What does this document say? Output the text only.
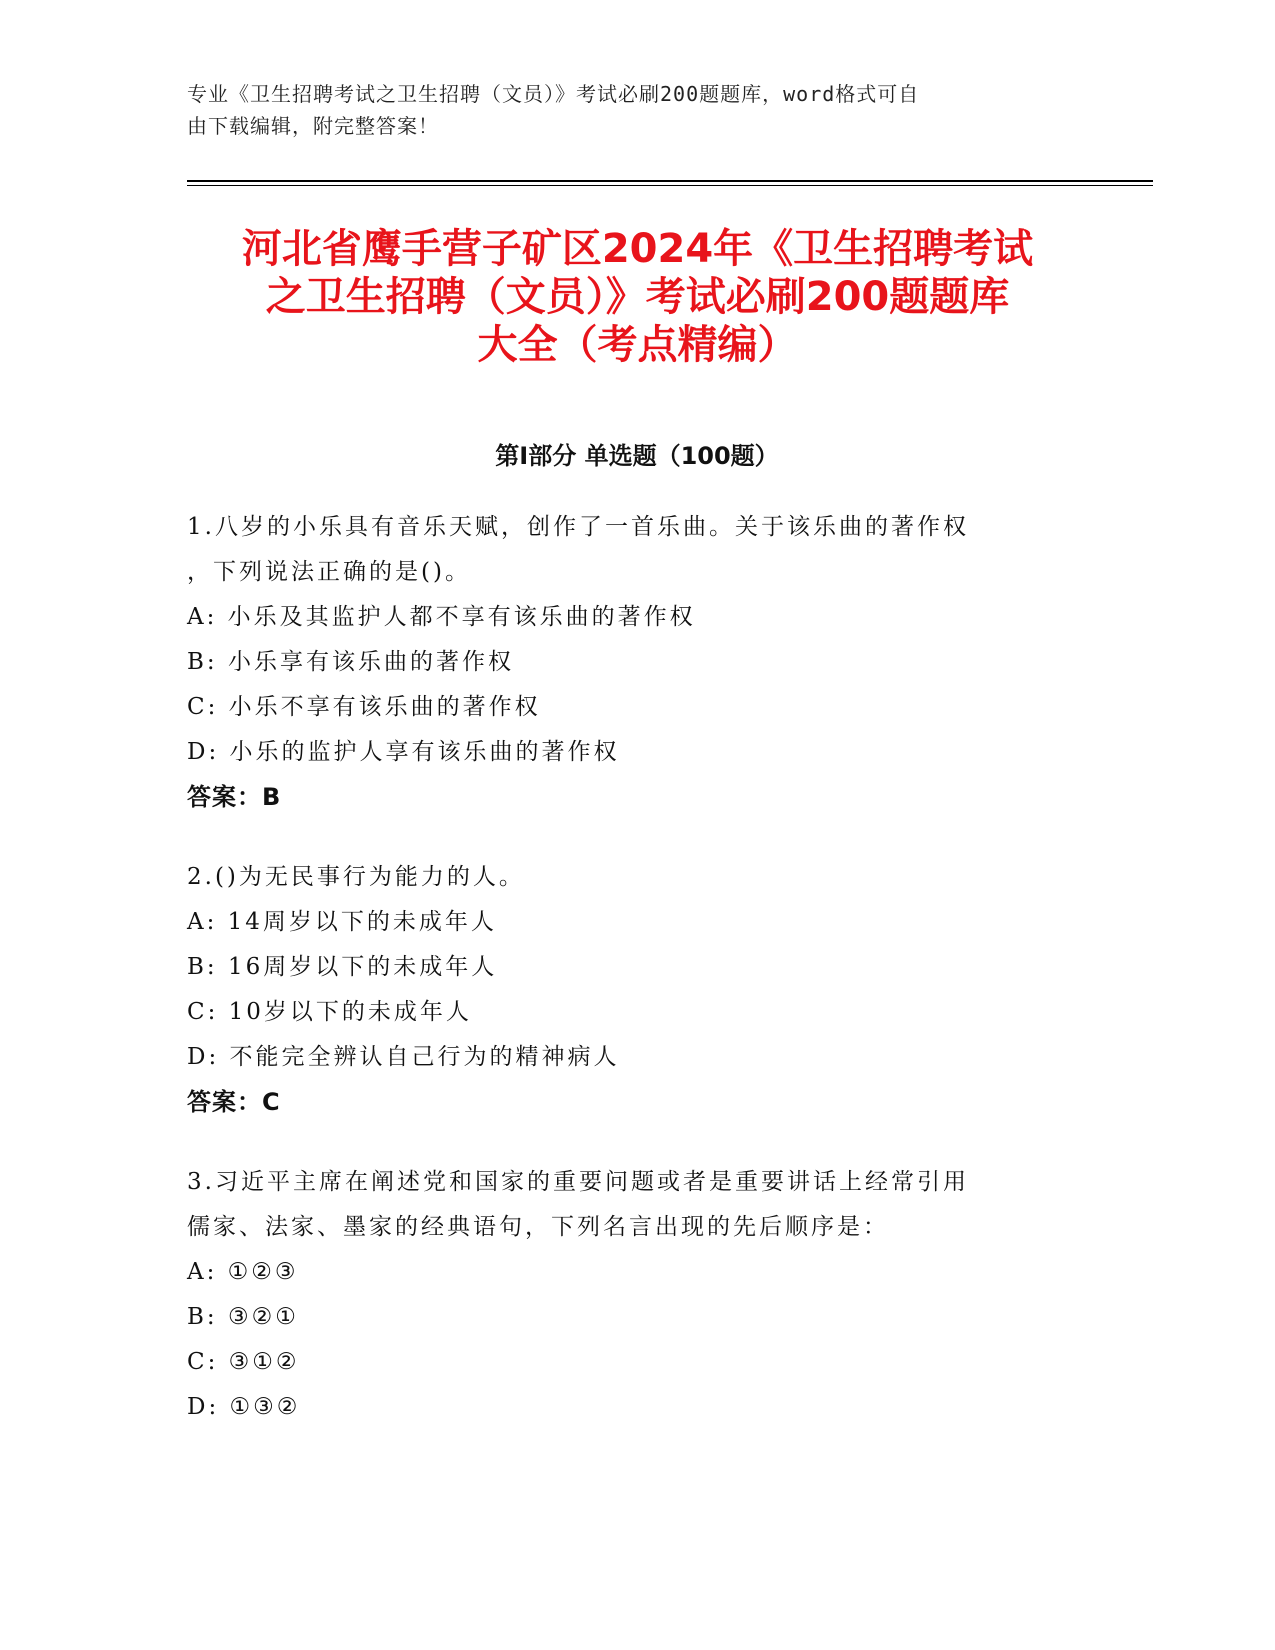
专业《卫生招聘考试之卫生招聘（文员）》考试必刷200题题库，word格式可自
由下载编辑，附完整答案！
河北省鹰手营子矿区2024年《卫生招聘考试
之卫生招聘（文员）》考试必刷200题题库
大全（考点精编）
第Ⅰ部分 单选题（100题）
1.八岁的小乐具有音乐天赋，创作了一首乐曲。关于该乐曲的著作权
，下列说法正确的是()。
A: 小乐及其监护人都不享有该乐曲的著作权
B: 小乐享有该乐曲的著作权
C: 小乐不享有该乐曲的著作权
D: 小乐的监护人享有该乐曲的著作权
答案：B
2.()为无民事行为能力的人。
A: 14周岁以下的未成年人
B: 16周岁以下的未成年人
C: 10岁以下的未成年人
D: 不能完全辨认自己行为的精神病人
答案：C
3.习近平主席在阐述党和国家的重要问题或者是重要讲话上经常引用
儒家、法家、墨家的经典语句，下列名言出现的先后顺序是：
A: ①②③
B: ③②①
C: ③①②
D: ①③②
